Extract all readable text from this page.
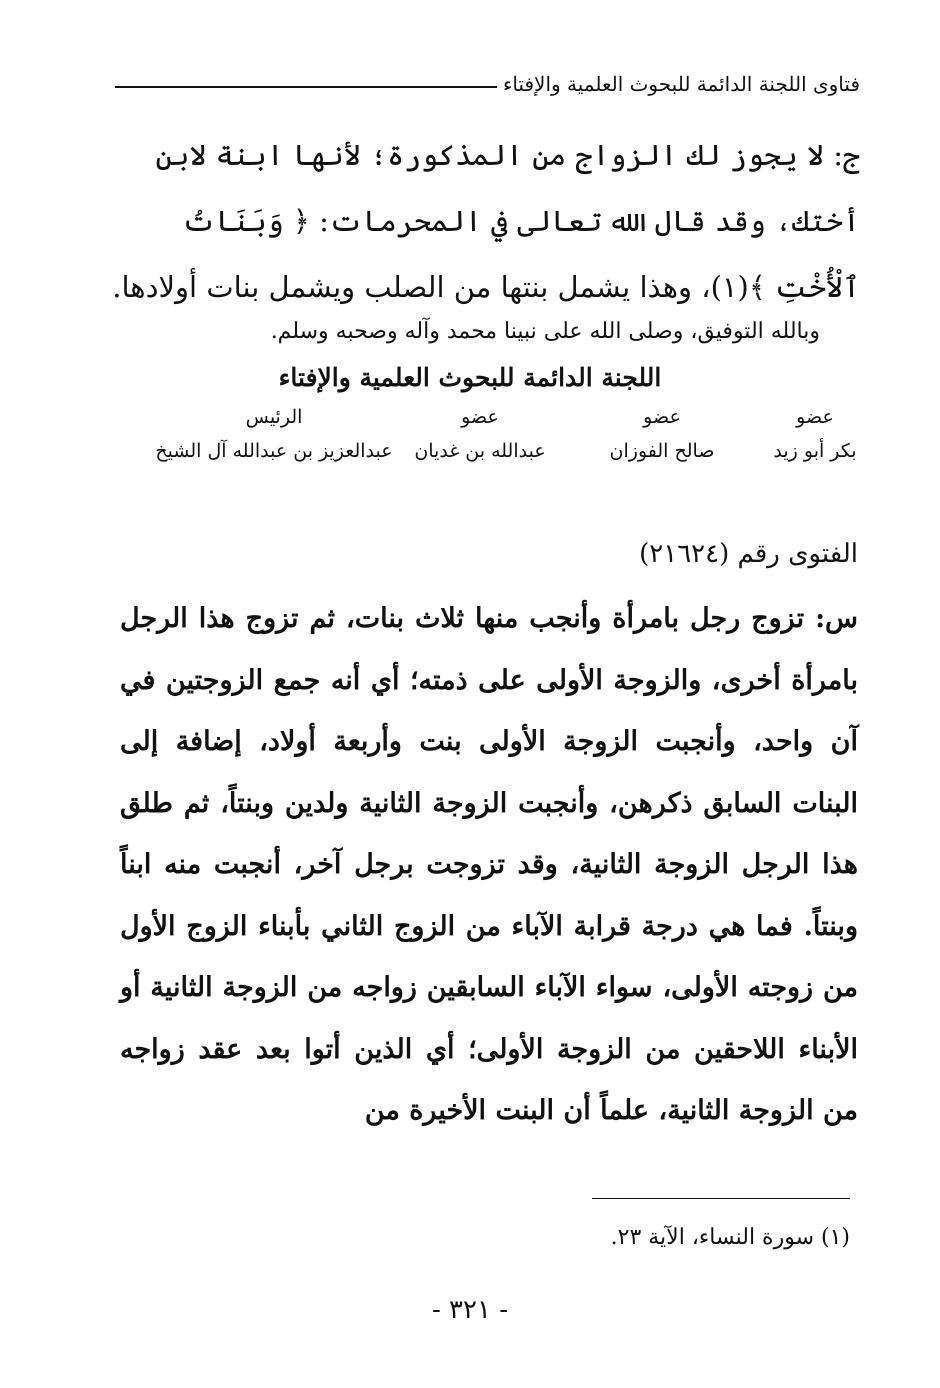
فتاوى اللجنة الدائمة للبحوث العلمية والإفتاء
ج: لا يجوز لك الزواج من المذكورة؛ لأنها ابنة لابن أختك، وقد قال الله تعالى في المحرمات: ﴿ وَبَنَاتُ ٱلْأُخْتِ ﴾(١)، وهذا يشمل بنتها من الصلب ويشمل بنات أولادها.
وبالله التوفيق، وصلى الله على نبينا محمد وآله وصحبه وسلم.
اللجنة الدائمة للبحوث العلمية والإفتاء
عضو
بكر أبو زيد
عضو
صالح الفوزان
عضو
عبدالله بن غديان
الرئيس
عبدالعزيز بن عبدالله آل الشيخ
الفتوى رقم (٢١٦٢٤)
س: تزوج رجل بامرأة وأنجب منها ثلاث بنات، ثم تزوج هذا الرجل بامرأة أخرى، والزوجة الأولى على ذمته؛ أي أنه جمع الزوجتين في آن واحد، وأنجبت الزوجة الأولى بنت وأربعة أولاد، إضافة إلى البنات السابق ذكرهن، وأنجبت الزوجة الثانية ولدين وبنتاً، ثم طلق هذا الرجل الزوجة الثانية، وقد تزوجت برجل آخر، أنجبت منه ابناً وبنتاً. فما هي درجة قرابة الآباء من الزوج الثاني بأبناء الزوج الأول من زوجته الأولى، سواء الآباء السابقين زواجه من الزوجة الثانية أو الأبناء اللاحقين من الزوجة الأولى؛ أي الذين أتوا بعد عقد زواجه من الزوجة الثانية، علماً أن البنت الأخيرة من
(١) سورة النساء، الآية ٢٣.
- ٣٢١ -
